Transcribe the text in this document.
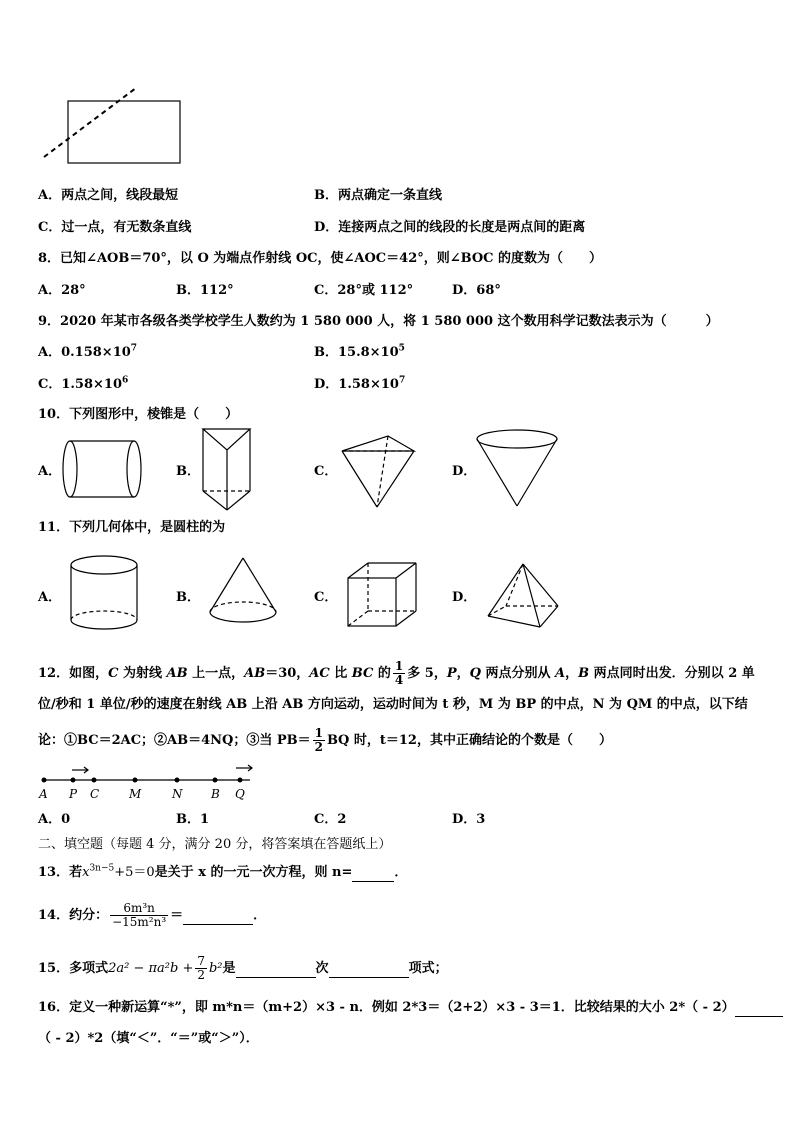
A．两点之间，线段最短	B．两点确定一条直线
C．过一点，有无数条直线	D．连接两点之间的线段的长度是两点间的距离
8．已知∠AOB＝70°，以 O 为端点作射线 OC，使∠AOC＝42°，则∠BOC 的度数为（　　）
A．28°	B．112°	C．28°或 112°	D．68°
9．2020 年某市各级各类学校学生人数约为 1 580 000 人，将 1 580 000 这个数用科学记数法表示为（　　　）
A．$0.158\times 10^7$	B．$15.8\times 10^5$
C．$1.58\times 10^6$	D．$1.58\times 10^7$
10．下列图形中，棱锥是（　　）
A．	B．	C．	D．
11．下列几何体中，是圆柱的为
A．	B．	C．	D．
12．如图，C 为射线 AB 上一点，AB＝30，AC 比 BC 的 $\frac{1}{4}$ 多 5，P，Q 两点分别从 A，B 两点同时出发．分别以 2 单
位/秒和 1 单位/秒的速度在射线 AB 上沿 AB 方向运动，运动时间为 t 秒，M 为 BP 的中点，N 为 QM 的中点，以下结
论：①BC＝2AC；②AB＝4NQ；③当 $PB= \frac{1}{2}$ BQ 时，t＝12，其中正确结论的个数是（　　）
A P C M	N B Q
A．0	B．1	C．2	D．3
二、填空题（每题 4 分，满分 20 分，将答案填在答题纸上）
13．若$x^{3n-5}+5=0$是关于 x 的一元一次方程，则 n=	．
14．约分： $\frac{\text{6m³n}}{\text{−15m²n³}}$ ＝	．
15．多项式$2a^2 - \pi a^2b + \frac{7}{2} b^2$是	次	项式；
16．定义一种新运算“*”，即 m*n＝（m+2）×3 - n．例如 2*3＝（2+2）×3 - 3＝1．比较结果的大小 2*（ - 2）
（ - 2）*2（填“＜”．“＝”或“＞”）．
